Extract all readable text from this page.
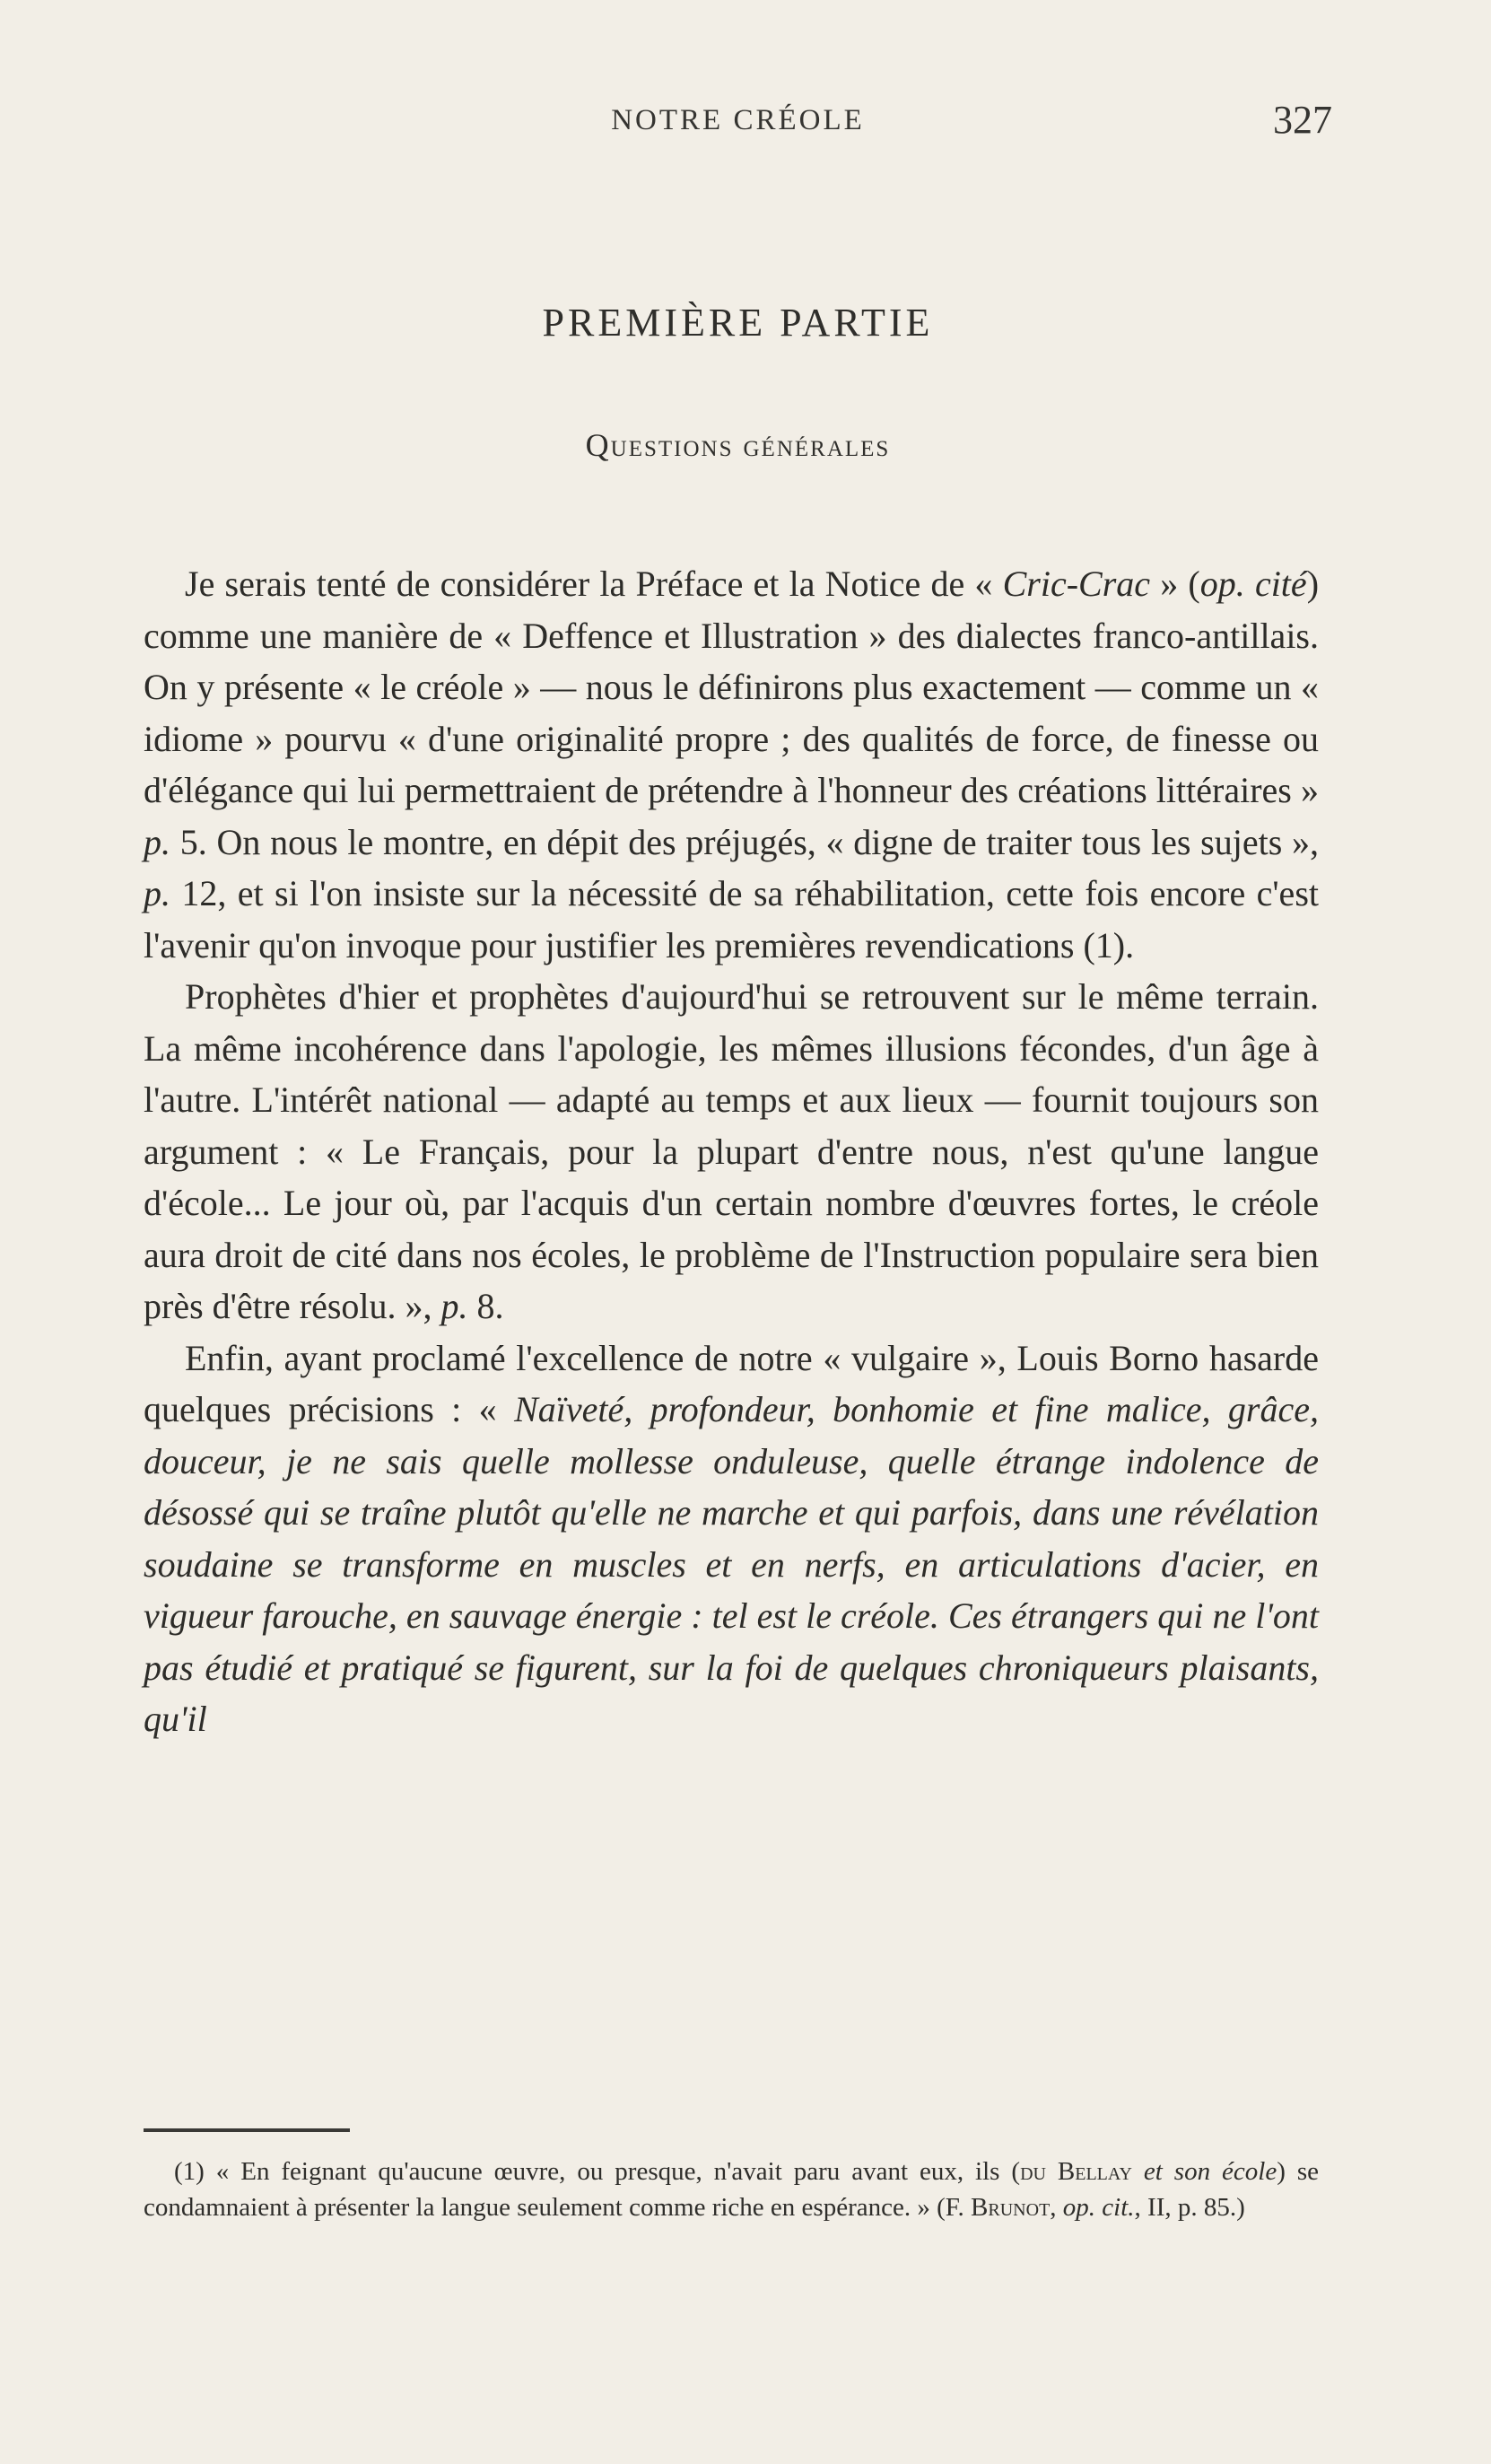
NOTRE CRÉOLE	327
PREMIÈRE PARTIE
Questions générales

Je serais tenté de considérer la Préface et la Notice de « Cric-Crac » (op. cité) comme une manière de « Deffence et Illustration » des dialectes franco-antillais. On y présente « le créole » — nous le définirons plus exactement — comme un « idiome » pourvu « d'une originalité propre ; des qualités de force, de finesse ou d'élégance qui lui permettraient de prétendre à l'honneur des créations littéraires » p. 5. On nous le montre, en dépit des préjugés, « digne de traiter tous les sujets », p. 12, et si l'on insiste sur la nécessité de sa réhabilitation, cette fois encore c'est l'avenir qu'on invoque pour justifier les premières revendications (1).

Prophètes d'hier et prophètes d'aujourd'hui se retrouvent sur le même terrain. La même incohérence dans l'apologie, les mêmes illusions fécondes, d'un âge à l'autre. L'intérêt national — adapté au temps et aux lieux — fournit toujours son argument : « Le Français, pour la plupart d'entre nous, n'est qu'une langue d'école... Le jour où, par l'acquis d'un certain nombre d'œuvres fortes, le créole aura droit de cité dans nos écoles, le problème de l'Instruction populaire sera bien près d'être résolu. », p. 8.

Enfin, ayant proclamé l'excellence de notre « vulgaire », Louis Borno hasarde quelques précisions : « Naïveté, profondeur, bonhomie et fine malice, grâce, douceur, je ne sais quelle mollesse onduleuse, quelle étrange indolence de désossé qui se traîne plutôt qu'elle ne marche et qui parfois, dans une révélation soudaine se transforme en muscles et en nerfs, en articulations d'acier, en vigueur farouche, en sauvage énergie : tel est le créole. Ces étrangers qui ne l'ont pas étudié et pratiqué se figurent, sur la foi de quelques chroniqueurs plaisants, qu'il

(1) « En feignant qu'aucune œuvre, ou presque, n'avait paru avant eux, ils (du Bellay et son école) se condamnaient à présenter la langue seulement comme riche en espérance. » (F. Brunot, op. cit., II, p. 85.)
